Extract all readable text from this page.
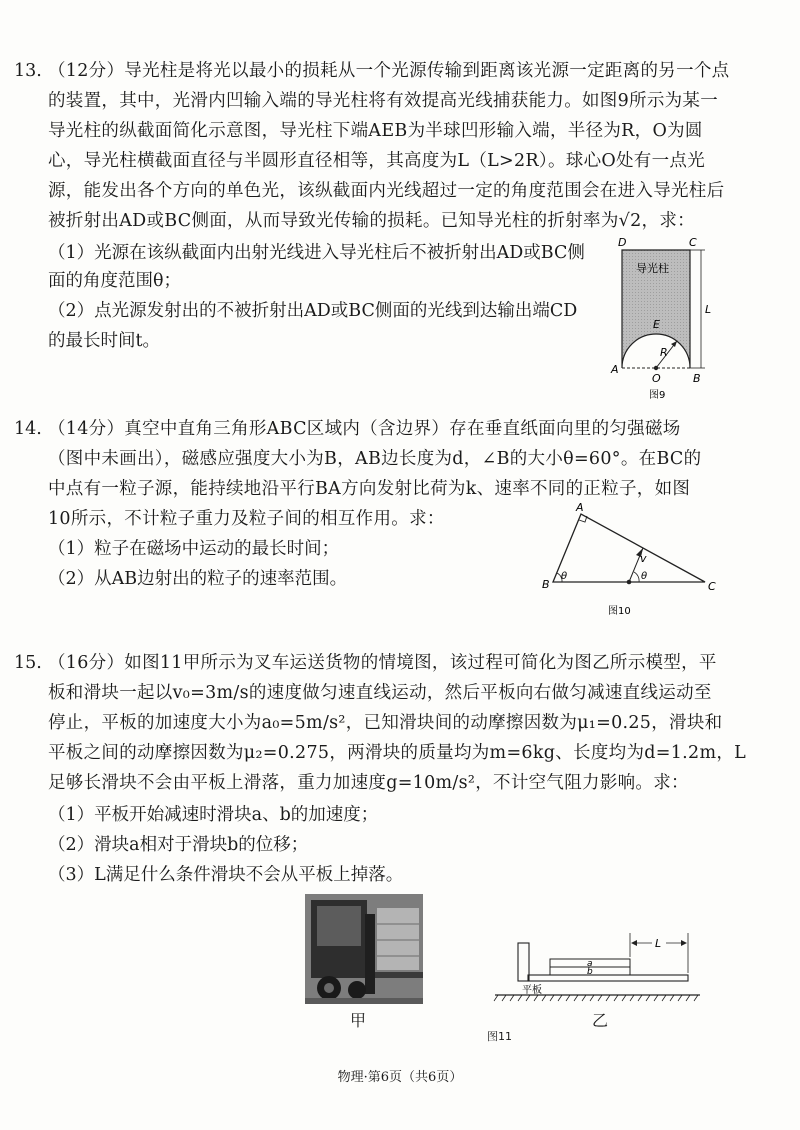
13. （12分）导光柱是将光以最小的损耗从一个光源传输到距离该光源一定距离的另一个点
的装置，其中，光滑内凹输入端的导光柱将有效提高光线捕获能力。如图9所示为某一
导光柱的纵截面简化示意图，导光柱下端AEB为半球凹形输入端，半径为R，O为圆
心，导光柱横截面直径与半圆形直径相等，其高度为L（L>2R）。球心O处有一点光
源，能发出各个方向的单色光，该纵截面内光线超过一定的角度范围会在进入导光柱后
被折射出AD或BC侧面，从而导致光传输的损耗。已知导光柱的折射率为√2，求：
（1）光源在该纵截面内出射光线进入导光柱后不被折射出AD或BC侧
面的角度范围θ；
（2）点光源发射出的不被折射出AD或BC侧面的光线到达输出端CD
的最长时间t。
D	C
导光柱
L
E
R
A
O	B
图9
14. （14分）真空中直角三角形ABC区域内（含边界）存在垂直纸面向里的匀强磁场
（图中未画出），磁感应强度大小为B，AB边长度为d，∠B的大小θ=60°。在BC的
中点有一粒子源，能持续地沿平行BA方向发射比荷为k、速率不同的正粒子，如图
10所示，不计粒子重力及粒子间的相互作用。求：
（1）粒子在磁场中运动的最长时间；
（2）从AB边射出的粒子的速率范围。
A
B	C
v
θ	θ
图10
15. （16分）如图11甲所示为叉车运送货物的情境图，该过程可简化为图乙所示模型，平
板和滑块一起以v₀=3m/s的速度做匀速直线运动，然后平板向右做匀减速直线运动至
停止，平板的加速度大小为a₀=5m/s²，已知滑块间的动摩擦因数为μ₁=0.25，滑块和
平板之间的动摩擦因数为μ₂=0.275，两滑块的质量均为m=6kg、长度均为d=1.2m，L
足够长滑块不会由平板上滑落，重力加速度g=10m/s²，不计空气阻力影响。求：
（1）平板开始减速时滑块a、b的加速度；
（2）滑块a相对于滑块b的位移；
（3）L满足什么条件滑块不会从平板上掉落。
甲
a
b
L
平板
图11
乙
物理·第6页（共6页）
